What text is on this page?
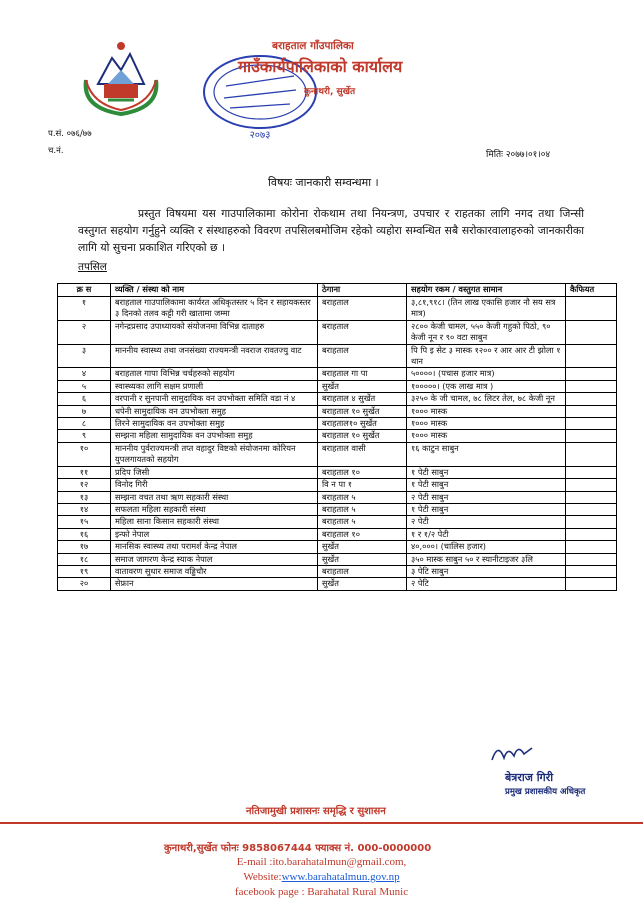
२०७३
बराहताल गाँउपालिका
गाउँकार्यपालिकाको कार्यालय
कुनाथरी, सुर्खेत
प.सं. ०७६/७७
च.नं.	मितिः २०७७।०१।०४
विषयः जानकारी सम्वन्धमा ।
प्रस्तुत विषयमा यस गाउपालिकामा कोरोना रोकथाम तथा नियन्त्रण, उपचार र राहतका लागि नगद तथा जिन्सी वस्तुगत सहयोग गर्नुहुने व्यक्ति र संस्थाहरुको विवरण तपसिलबमोजिम रहेको व्यहोरा सम्वन्धित सबै सरोकारवालाहरुको जानकारीका लागि यो सुचना प्रकाशित गरिएको छ ।
तपसिल
क्र स	व्यक्ति / संस्था को नाम	ठेगाना	सहयोग रकम / वस्तुगत सामान	कैफियत
१	बराहताल गाउपालिकामा कार्यरत अधिकृतस्तर ५ दिन र सहायकस्तर ३ दिनको तलव कट्टी गरी खातामा जम्मा	बराहताल	३,८१,९१८। (तिन लाख एकासि हजार नौ सय सत्र मात्र)	
२	नगेन्द्रप्रसाद उपाध्यायको संयोजनमा विभिन्न दाताहरु	बराहताल	२८०० केजी चामल, ५५० केजी गहुको पिठो, ९० केजी नून र ९० वटा साबुन	
३	माननीय स्वास्थ्य तथा जनसंख्या राज्यमन्त्री नवराज रावतज्यु वाट	बराहताल	पि पि इ सेट ३ मास्क १२०० र आर आर टी झोला १ थान	
४	बराहताल गापा विभिन्न चर्चहरुको सहयोग	बराहताल गा पा	५००००। (पचास हजार मात्र)	
५	स्वास्थ्यका लागि सक्षम प्रणाली	सुर्खेत	१०००००। (एक लाख मात्र )	
६	वरपानी र सुनपानी सामुदायिक वन उपभोक्ता समिति वडा नं ४	बराहताल ४ सुर्खेत	३२५० के जी चामल, ७८ लिटर तेल, ७८ केजी नून	
७	धपेनी सामुदायिक वन उपभोक्ता समुह	बराहताल १० सुर्खेत	१००० मास्क	
८	तिरने सामुदायिक वन उपभोक्ता समुह	बराहताल१० सुर्खेत	१००० मास्क	
९	सम्झना महिला सामुदायिक वन उपभोक्ता समुह	बराहताल १० सुर्खेत	१००० मास्क	
१०	माननीय पुर्वराज्यमन्त्री तप्त वहादुर विष्टको संयोजनमा कोरियन युपलगायतको सहयोग	बराहताल वासी	१६ काटुन साबुन	
११	प्रदिप जिसी	बराहताल १०	१ पेटी साबुन	
१२	विनोद गिरी	वि न पा १	१ पेटी साबुन	
१३	सम्झना वचत तथा ऋण सहकारी संस्था	बराहताल ५	२ पेटी साबुन	
१४	सफलता महिला सहकारी संस्था	बराहताल ५	१ पेटी साबुन	
१५	महिला साना किसान सहकारी संस्था	बराहताल ५	२ पेटी	
१६	इन्फो नेपाल	बराहताल १०	१ र १/२ पेटी	
१७	मानसिक स्वास्थ्य तथा परामर्श केन्द्र नेपाल	सुर्खेत	४०,०००। (चालिस हजार)	
१८	समाज जागरण केन्द्र स्याक नेपाल	सुर्खेत	३५० मास्क साबुन ५० र स्यानीटाइजर ३लि	
१९	वातावरण सुधार समाज वड्डिचौर	बराहताल	३ पेटि साबुन	
२०	सेफ्रान	सुर्खेत	२ पेटि	
बेत्रराज गिरी
प्रमुख प्रशासकीय अधिकृत
नतिजामुखी प्रशासनः समृद्धि र सुशासन
कुनाथरी,सुर्खेत फोनः 9858067444 फ्याक्स नं. 000-0000000
E-mail :ito.barahatalmun@gmail.com,
Website:www.barahatalmun.gov.np
facebook page : Barahatal Rural Munic
